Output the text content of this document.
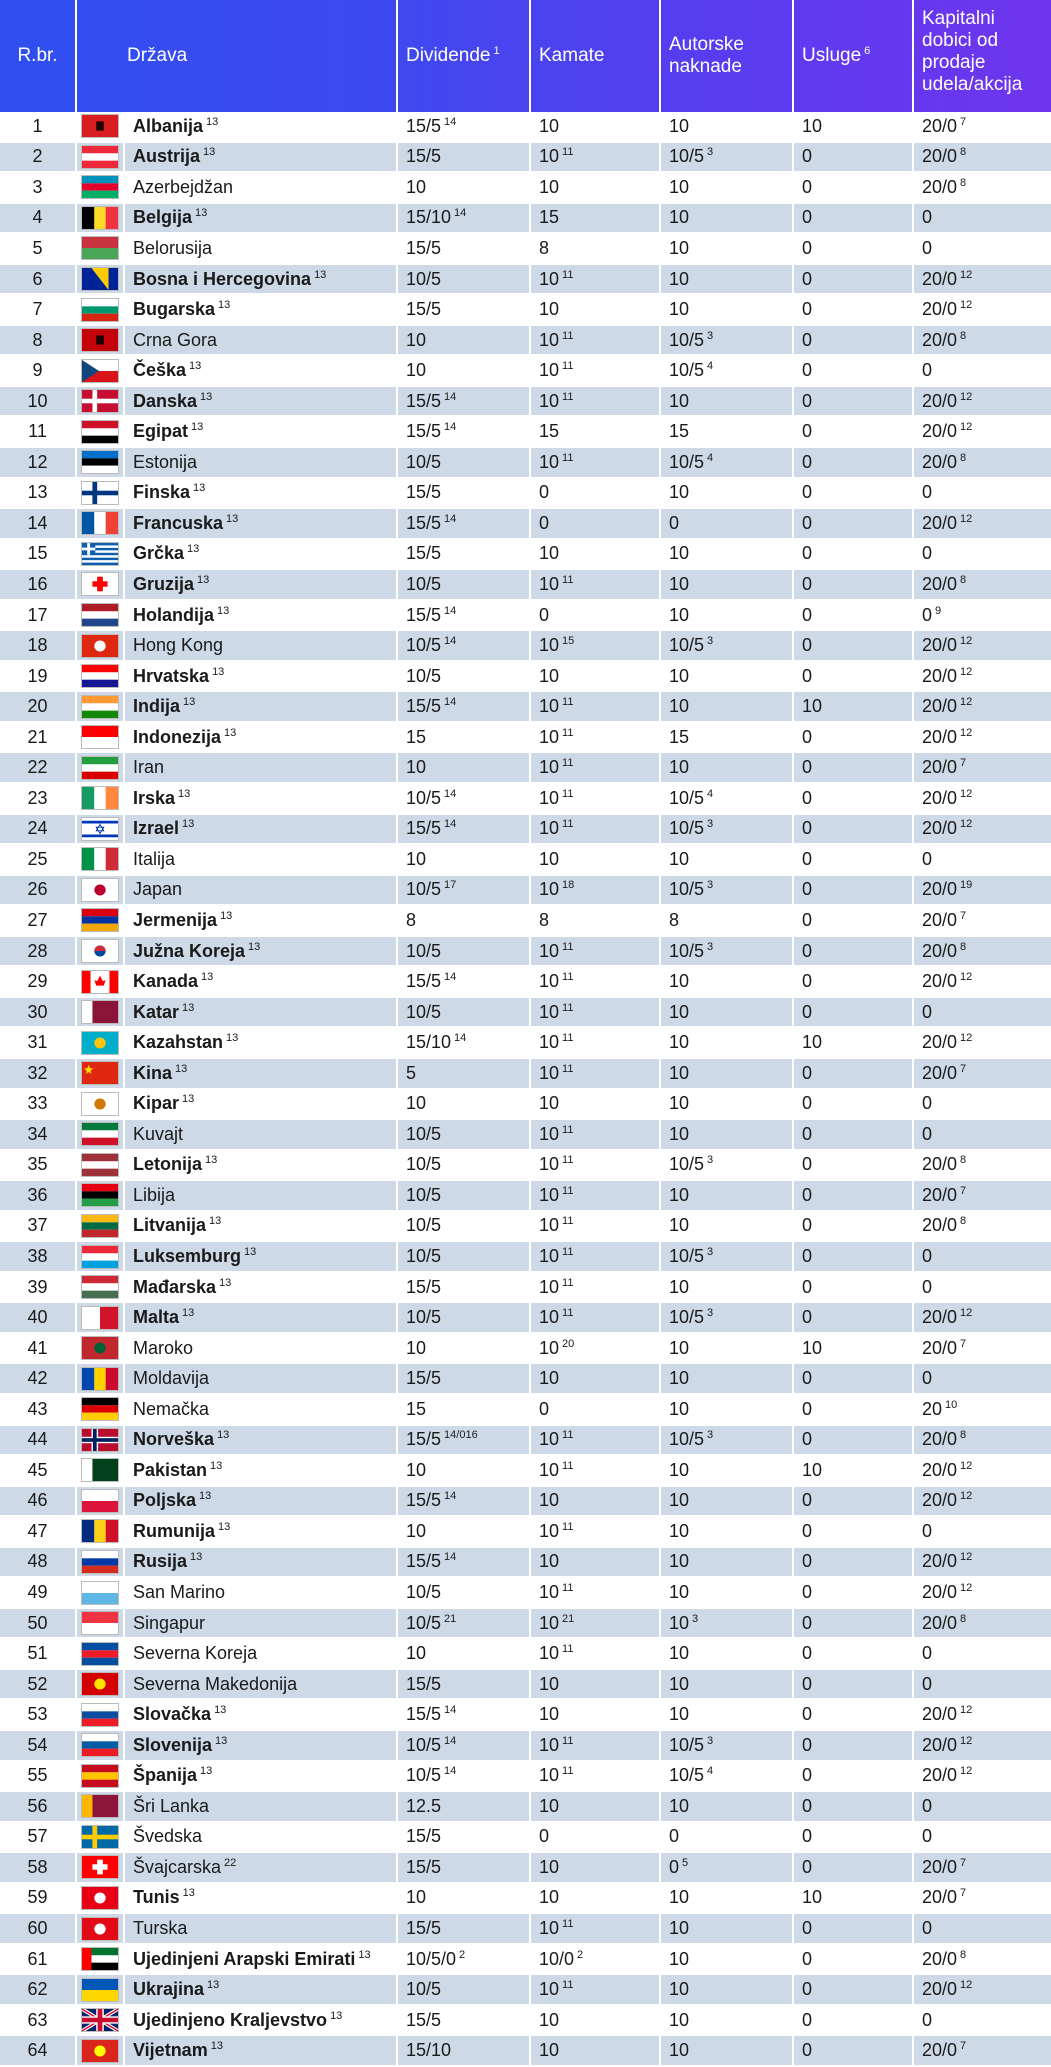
R.br.	Država		Dividende $^1$	Kamate	Autorske naknade	Usluge $^6$	Kapitalni dobici od prodaje udela/akcija
1		Albanija $^{13}$	15/5 $^{14}$	10	10	10	20/0 $^7$
2		Austrija $^{13}$	15/5	10 $^{11}$	10/5 $^3$	0	20/0 $^8$
3		Azerbejdžan	10	10	10	0	20/0 $^8$
4		Belgija $^{13}$	15/10 $^{14}$	15	10	0	0
5		Belorusija	15/5	8	10	0	0
6		Bosna i Hercegovina $^{13}$	10/5	10 $^{11}$	10	0	20/0 $^{12}$
7		Bugarska $^{13}$	15/5	10	10	0	20/0 $^{12}$
8		Crna Gora	10	10 $^{11}$	10/5 $^3$	0	20/0 $^8$
9		Češka $^{13}$	10	10 $^{11}$	10/5 $^4$	0	0
10		Danska $^{13}$	15/5 $^{14}$	10 $^{11}$	10	0	20/0 $^{12}$
11		Egipat $^{13}$	15/5 $^{14}$	15	15	0	20/0 $^{12}$
12		Estonija	10/5	10 $^{11}$	10/5 $^4$	0	20/0 $^8$
13		Finska $^{13}$	15/5	0	10	0	0
14		Francuska $^{13}$	15/5 $^{14}$	0	0	0	20/0 $^{12}$
15		Grčka $^{13}$	15/5	10	10	0	0
16		Gruzija $^{13}$	10/5	10 $^{11}$	10	0	20/0 $^8$
17		Holandija $^{13}$	15/5 $^{14}$	0	10	0	0 $^9$
18		Hong Kong	10/5 $^{14}$	10 $^{15}$	10/5 $^3$	0	20/0 $^{12}$
19		Hrvatska $^{13}$	10/5	10	10	0	20/0 $^{12}$
20		Indija $^{13}$	15/5 $^{14}$	10 $^{11}$	10	10	20/0 $^{12}$
21		Indonezija $^{13}$	15	10 $^{11}$	15	0	20/0 $^{12}$
22		Iran	10	10 $^{11}$	10	0	20/0 $^7$
23		Irska $^{13}$	10/5 $^{14}$	10 $^{11}$	10/5 $^4$	0	20/0 $^{12}$
24		Izrael $^{13}$	15/5 $^{14}$	10 $^{11}$	10/5 $^3$	0	20/0 $^{12}$
25		Italija	10	10	10	0	0
26		Japan	10/5 $^{17}$	10 $^{18}$	10/5 $^3$	0	20/0 $^{19}$
27		Jermenija $^{13}$	8	8	8	0	20/0 $^7$
28		Južna Koreja $^{13}$	10/5	10 $^{11}$	10/5 $^3$	0	20/0 $^8$
29		Kanada $^{13}$	15/5 $^{14}$	10 $^{11}$	10	0	20/0 $^{12}$
30		Katar $^{13}$	10/5	10 $^{11}$	10	0	0
31		Kazahstan $^{13}$	15/10 $^{14}$	10 $^{11}$	10	10	20/0 $^{12}$
32		Kina $^{13}$	5	10 $^{11}$	10	0	20/0 $^7$
33		Kipar $^{13}$	10	10	10	0	0
34		Kuvajt	10/5	10 $^{11}$	10	0	0
35		Letonija $^{13}$	10/5	10 $^{11}$	10/5 $^3$	0	20/0 $^8$
36		Libija	10/5	10 $^{11}$	10	0	20/0 $^7$
37		Litvanija $^{13}$	10/5	10 $^{11}$	10	0	20/0 $^8$
38		Luksemburg $^{13}$	10/5	10 $^{11}$	10/5 $^3$	0	0
39		Mađarska $^{13}$	15/5	10 $^{11}$	10	0	0
40		Malta $^{13}$	10/5	10 $^{11}$	10/5 $^3$	0	20/0 $^{12}$
41		Maroko	10	10 $^{20}$	10	10	20/0 $^7$
42		Moldavija	15/5	10	10	0	0
43		Nemačka	15	0	10	0	20 $^{10}$
44		Norveška $^{13}$	15/5 $^{14/016}$	10 $^{11}$	10/5 $^3$	0	20/0 $^8$
45		Pakistan $^{13}$	10	10 $^{11}$	10	10	20/0 $^{12}$
46		Poljska $^{13}$	15/5 $^{14}$	10	10	0	20/0 $^{12}$
47		Rumunija $^{13}$	10	10 $^{11}$	10	0	0
48		Rusija $^{13}$	15/5 $^{14}$	10	10	0	20/0 $^{12}$
49		San Marino	10/5	10 $^{11}$	10	0	20/0 $^{12}$
50		Singapur	10/5 $^{21}$	10 $^{21}$	10 $^3$	0	20/0 $^8$
51		Severna Koreja	10	10 $^{11}$	10	0	0
52		Severna Makedonija	15/5	10	10	0	0
53		Slovačka $^{13}$	15/5 $^{14}$	10	10	0	20/0 $^{12}$
54		Slovenija $^{13}$	10/5 $^{14}$	10 $^{11}$	10/5 $^3$	0	20/0 $^{12}$
55		Španija $^{13}$	10/5 $^{14}$	10 $^{11}$	10/5 $^4$	0	20/0 $^{12}$
56		Šri Lanka	12.5	10	10	0	0
57		Švedska	15/5	0	0	0	0
58		Švajcarska $^{22}$	15/5	10	0 $^5$	0	20/0 $^7$
59		Tunis $^{13}$	10	10	10	10	20/0 $^7$
60		Turska	15/5	10 $^{11}$	10	0	0
61		Ujedinjeni Arapski Emirati $^{13}$	10/5/0 $^2$	10/0 $^2$	10	0	20/0 $^8$
62		Ukrajina $^{13}$	10/5	10 $^{11}$	10	0	20/0 $^{12}$
63		Ujedinjeno Kraljevstvo $^{13}$	15/5	10	10	0	0
64		Vijetnam $^{13}$	15/10	10	10	0	20/0 $^7$
